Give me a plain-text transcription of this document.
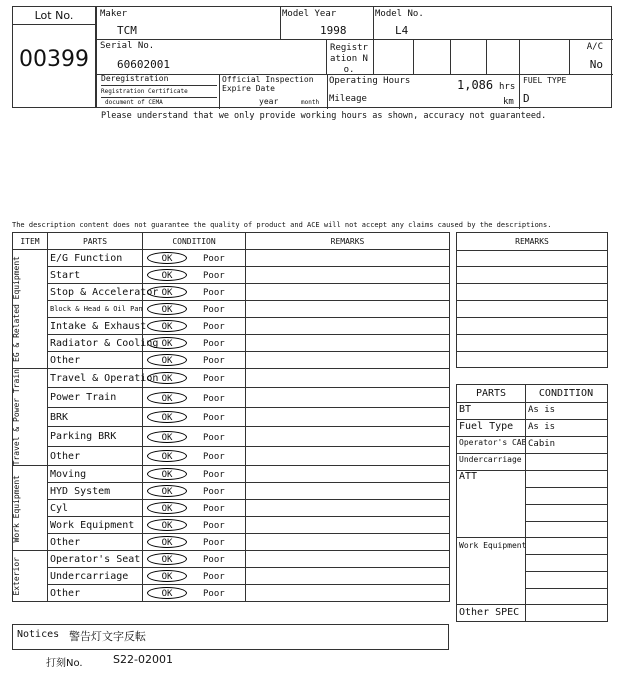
Lot No.
00399
Maker
TCM
Model Year
1998
Model No.
L4
Serial No.
60602001
Registration No.
A/C
No
Deregistration
Registration Certificate
document of CEMA
Official Inspection Expire Date
year	month
Operating Hours	1,086 hrs
Mileage	km
FUEL TYPE
D
Please understand that we only provide working hours as shown, accuracy not guaranteed.
The description content does not guarantee the quality of product and ACE will not accept any claims caused by the descriptions.
ITEM	PARTS	CONDITION	REMARKS

EG & Related Equipment	E/G Function	OK Poor	
	Start	OK Poor	
	Stop & Accelerator	OK Poor	
	Block & Head & Oil Pan	OK Poor	
	Intake & Exhaust	OK Poor	
	Radiator & Cooling	OK Poor	
	Other	OK Poor	

Travel & Power Train	Travel & Operation	OK Poor	
	Power Train	OK Poor	
	BRK	OK Poor	
	Parking BRK	OK Poor	
	Other	OK Poor	

Work Equipment	Moving	OK Poor	
	HYD System	OK Poor	
	Cyl	OK Poor	
	Work Equipment	OK Poor	
	Other	OK Poor	

Exterior	Operator's Seat	OK Poor	
	Undercarriage	OK Poor	
	Other	OK Poor	
REMARKS
PARTS	CONDITION
BT	As is
Fuel Type As is
Operator's CAB Cabin
Undercarriage
ATT
Work Equipment
Other SPEC
Notices 警告灯文字反転
打刻No.	S22-02001
